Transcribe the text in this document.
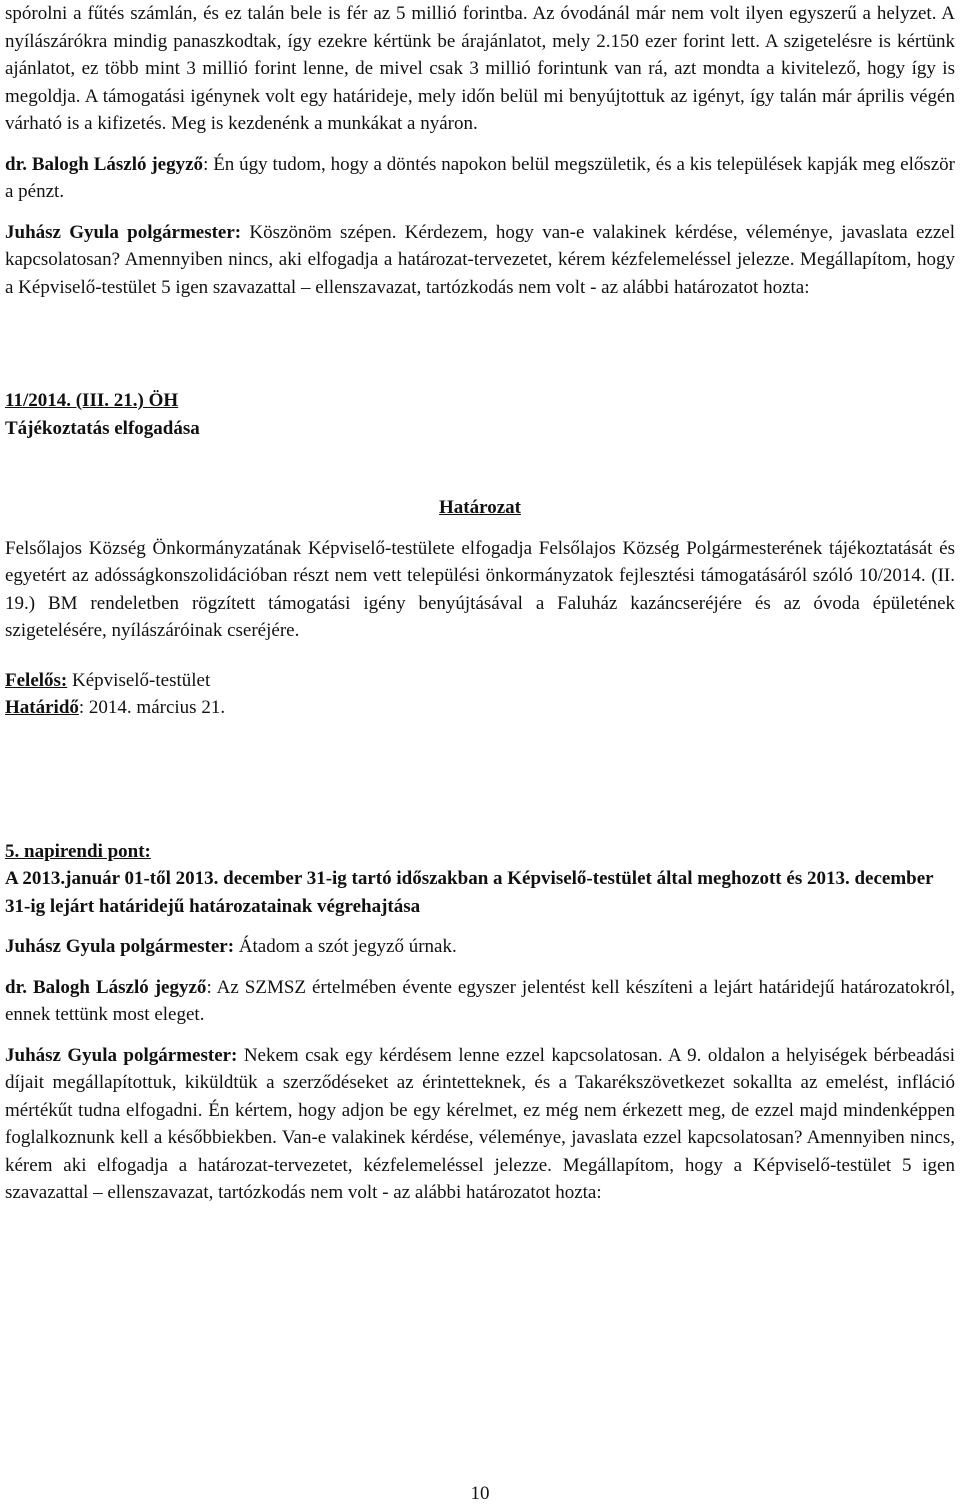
spórolni a fűtés számlán, és ez talán bele is fér az 5 millió forintba. Az óvodánál már nem volt ilyen egyszerű a helyzet. A nyílászárókra mindig panaszkodtak, így ezekre kértünk be árajánlatot, mely 2.150 ezer forint lett. A szigetelésre is kértünk ajánlatot, ez több mint 3 millió forint lenne, de mivel csak 3 millió forintunk van rá, azt mondta a kivitelező, hogy így is megoldja. A támogatási igénynek volt egy határideje, mely időn belül mi benyújtottuk az igényt, így talán már április végén várható is a kifizetés. Meg is kezdenénk a munkákat a nyáron.

dr. Balogh László jegyző: Én úgy tudom, hogy a döntés napokon belül megszületik, és a kis települések kapják meg először a pénzt.

Juhász Gyula polgármester: Köszönöm szépen. Kérdezem, hogy van-e valakinek kérdése, véleménye, javaslata ezzel kapcsolatosan? Amennyiben nincs, aki elfogadja a határozat-tervezetet, kérem kézfelemeléssel jelezze. Megállapítom, hogy a Képviselő-testület 5 igen szavazattal – ellenszavazat, tartózkodás nem volt - az alábbi határozatot hozta:

11/2014. (III. 21.) ÖH

Tájékoztatás elfogadása

Határozat

Felsőlajos Község Önkormányzatának Képviselő-testülete elfogadja Felsőlajos Község Polgármesterének tájékoztatását és egyetért az adósságkonszolidációban részt nem vett települési önkormányzatok fejlesztési támogatásáról szóló 10/2014. (II. 19.) BM rendeletben rögzített támogatási igény benyújtásával a Faluház kazáncseréjére és az óvoda épületének szigetelésére, nyílászáróinak cseréjére.

Felelős: Képviselő-testület

Határidő: 2014. március 21.

5. napirendi pont:

A 2013.január 01-től 2013. december 31-ig tartó időszakban a Képviselő-testület által meghozott és 2013. december 31-ig lejárt határidejű határozatainak végrehajtása

Juhász Gyula polgármester: Átadom a szót jegyző úrnak.

dr. Balogh László jegyző: Az SZMSZ értelmében évente egyszer jelentést kell készíteni a lejárt határidejű határozatokról, ennek tettünk most eleget.

Juhász Gyula polgármester: Nekem csak egy kérdésem lenne ezzel kapcsolatosan. A 9. oldalon a helyiségek bérbeadási díjait megállapítottuk, kiküldtük a szerződéseket az érintetteknek, és a Takarékszövetkezet sokallta az emelést, infláció mértékűt tudna elfogadni. Én kértem, hogy adjon be egy kérelmet, ez még nem érkezett meg, de ezzel majd mindenképpen foglalkoznunk kell a későbbiekben. Van-e valakinek kérdése, véleménye, javaslata ezzel kapcsolatosan? Amennyiben nincs, kérem aki elfogadja a határozat-tervezetet, kézfelemeléssel jelezze. Megállapítom, hogy a Képviselő-testület 5 igen szavazattal – ellenszavazat, tartózkodás nem volt - az alábbi határozatot hozta:

10
